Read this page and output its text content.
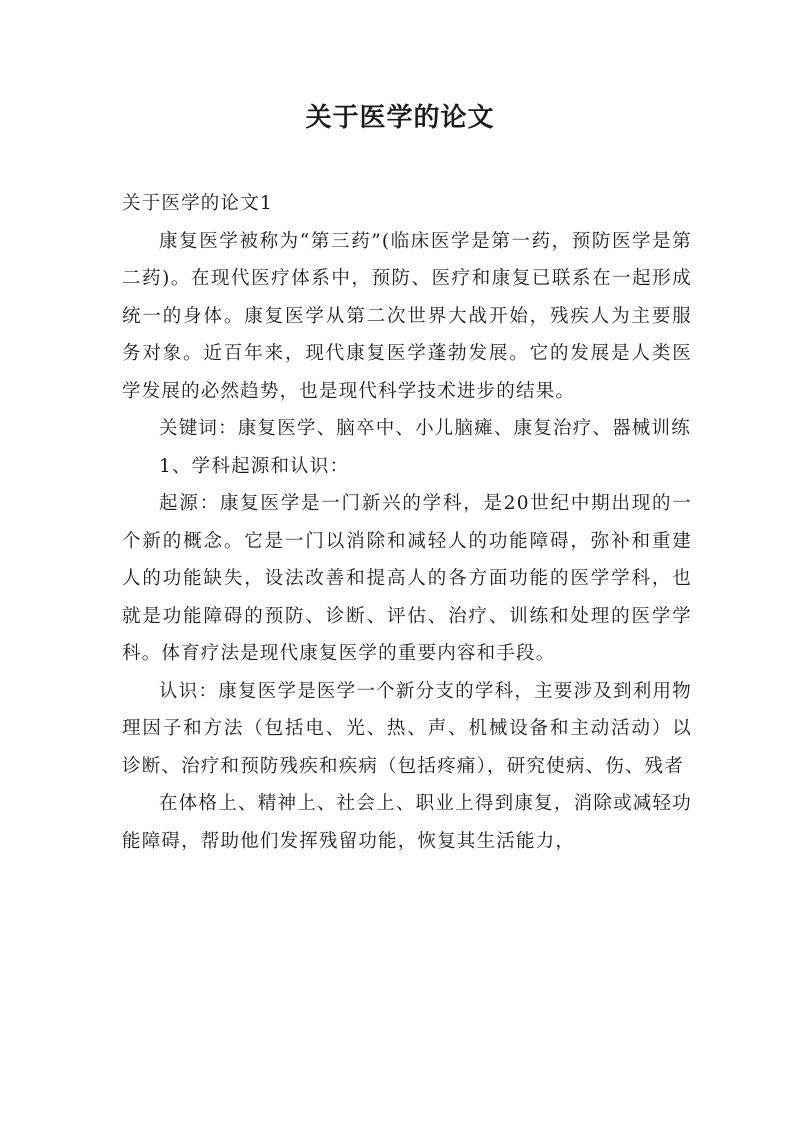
关于医学的论文

关于医学的论文1

康复医学被称为“第三药”(临床医学是第一药，预防医学是第二药)。在现代医疗体系中，预防、医疗和康复已联系在一起形成统一的身体。康复医学从第二次世界大战开始，残疾人为主要服务对象。近百年来，现代康复医学蓬勃发展。它的发展是人类医学发展的必然趋势，也是现代科学技术进步的结果。

关键词：康复医学、脑卒中、小儿脑瘫、康复治疗、器械训练

1、学科起源和认识：

起源：康复医学是一门新兴的学科，是20世纪中期出现的一个新的概念。它是一门以消除和减轻人的功能障碍，弥补和重建人的功能缺失，设法改善和提高人的各方面功能的医学学科，也就是功能障碍的预防、诊断、评估、治疗、训练和处理的医学学科。体育疗法是现代康复医学的重要内容和手段。

认识：康复医学是医学一个新分支的学科，主要涉及到利用物理因子和方法（包括电、光、热、声、机械设备和主动活动）以诊断、治疗和预防残疾和疾病（包括疼痛），研究使病、伤、残者

在体格上、精神上、社会上、职业上得到康复，消除或减轻功能障碍，帮助他们发挥残留功能，恢复其生活能力，
